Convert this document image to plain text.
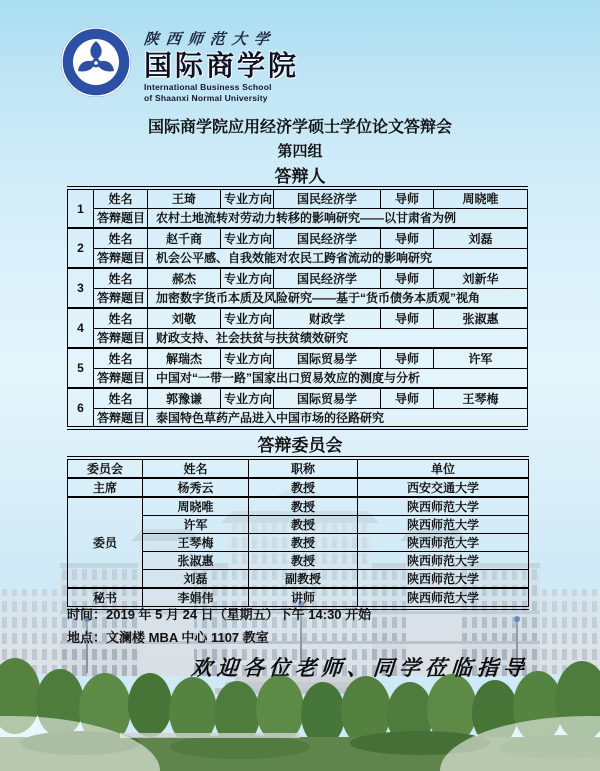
陕西师范大学
国际商学院
International Business School
of Shaanxi Normal University
国际商学院应用经济学硕士学位论文答辩会
第四组
答辩人
1	姓名	王琦	专业方向	国民经济学	导师	周晓唯
	答辩题目	农村土地流转对劳动力转移的影响研究——以甘肃省为例				
2	姓名	赵千商	专业方向	国民经济学	导师	刘磊
	答辩题目	机会公平感、自我效能对农民工跨省流动的影响研究				
3	姓名	郝杰	专业方向	国民经济学	导师	刘新华
	答辩题目	加密数字货币本质及风险研究——基于“货币债务本质观”视角				
4	姓名	刘敬	专业方向	财政学	导师	张淑惠
	答辩题目	财政支持、社会扶贫与扶贫绩效研究				
5	姓名	解瑞杰	专业方向	国际贸易学	导师	许军
	答辩题目	中国对“一带一路”国家出口贸易效应的测度与分析				
6	姓名	郭豫谦	专业方向	国际贸易学	导师	王琴梅
	答辩题目	泰国特色草药产品进入中国市场的径路研究				
答辩委员会
委员会	姓名	职称	单位
主席	杨秀云	教授	西安交通大学
委员	周晓唯	教授	陕西师范大学
	许军	教授	陕西师范大学
	王琴梅	教授	陕西师范大学
	张淑惠	教授	陕西师范大学
	刘磊	副教授	陕西师范大学
秘书	李娟伟	讲师	陕西师范大学
时间：2019 年 5 月 24 日（星期五）下午 14:30 开始
地点：文澜楼 MBA 中心 1107 教室
欢迎各位老师、同学莅临指导
